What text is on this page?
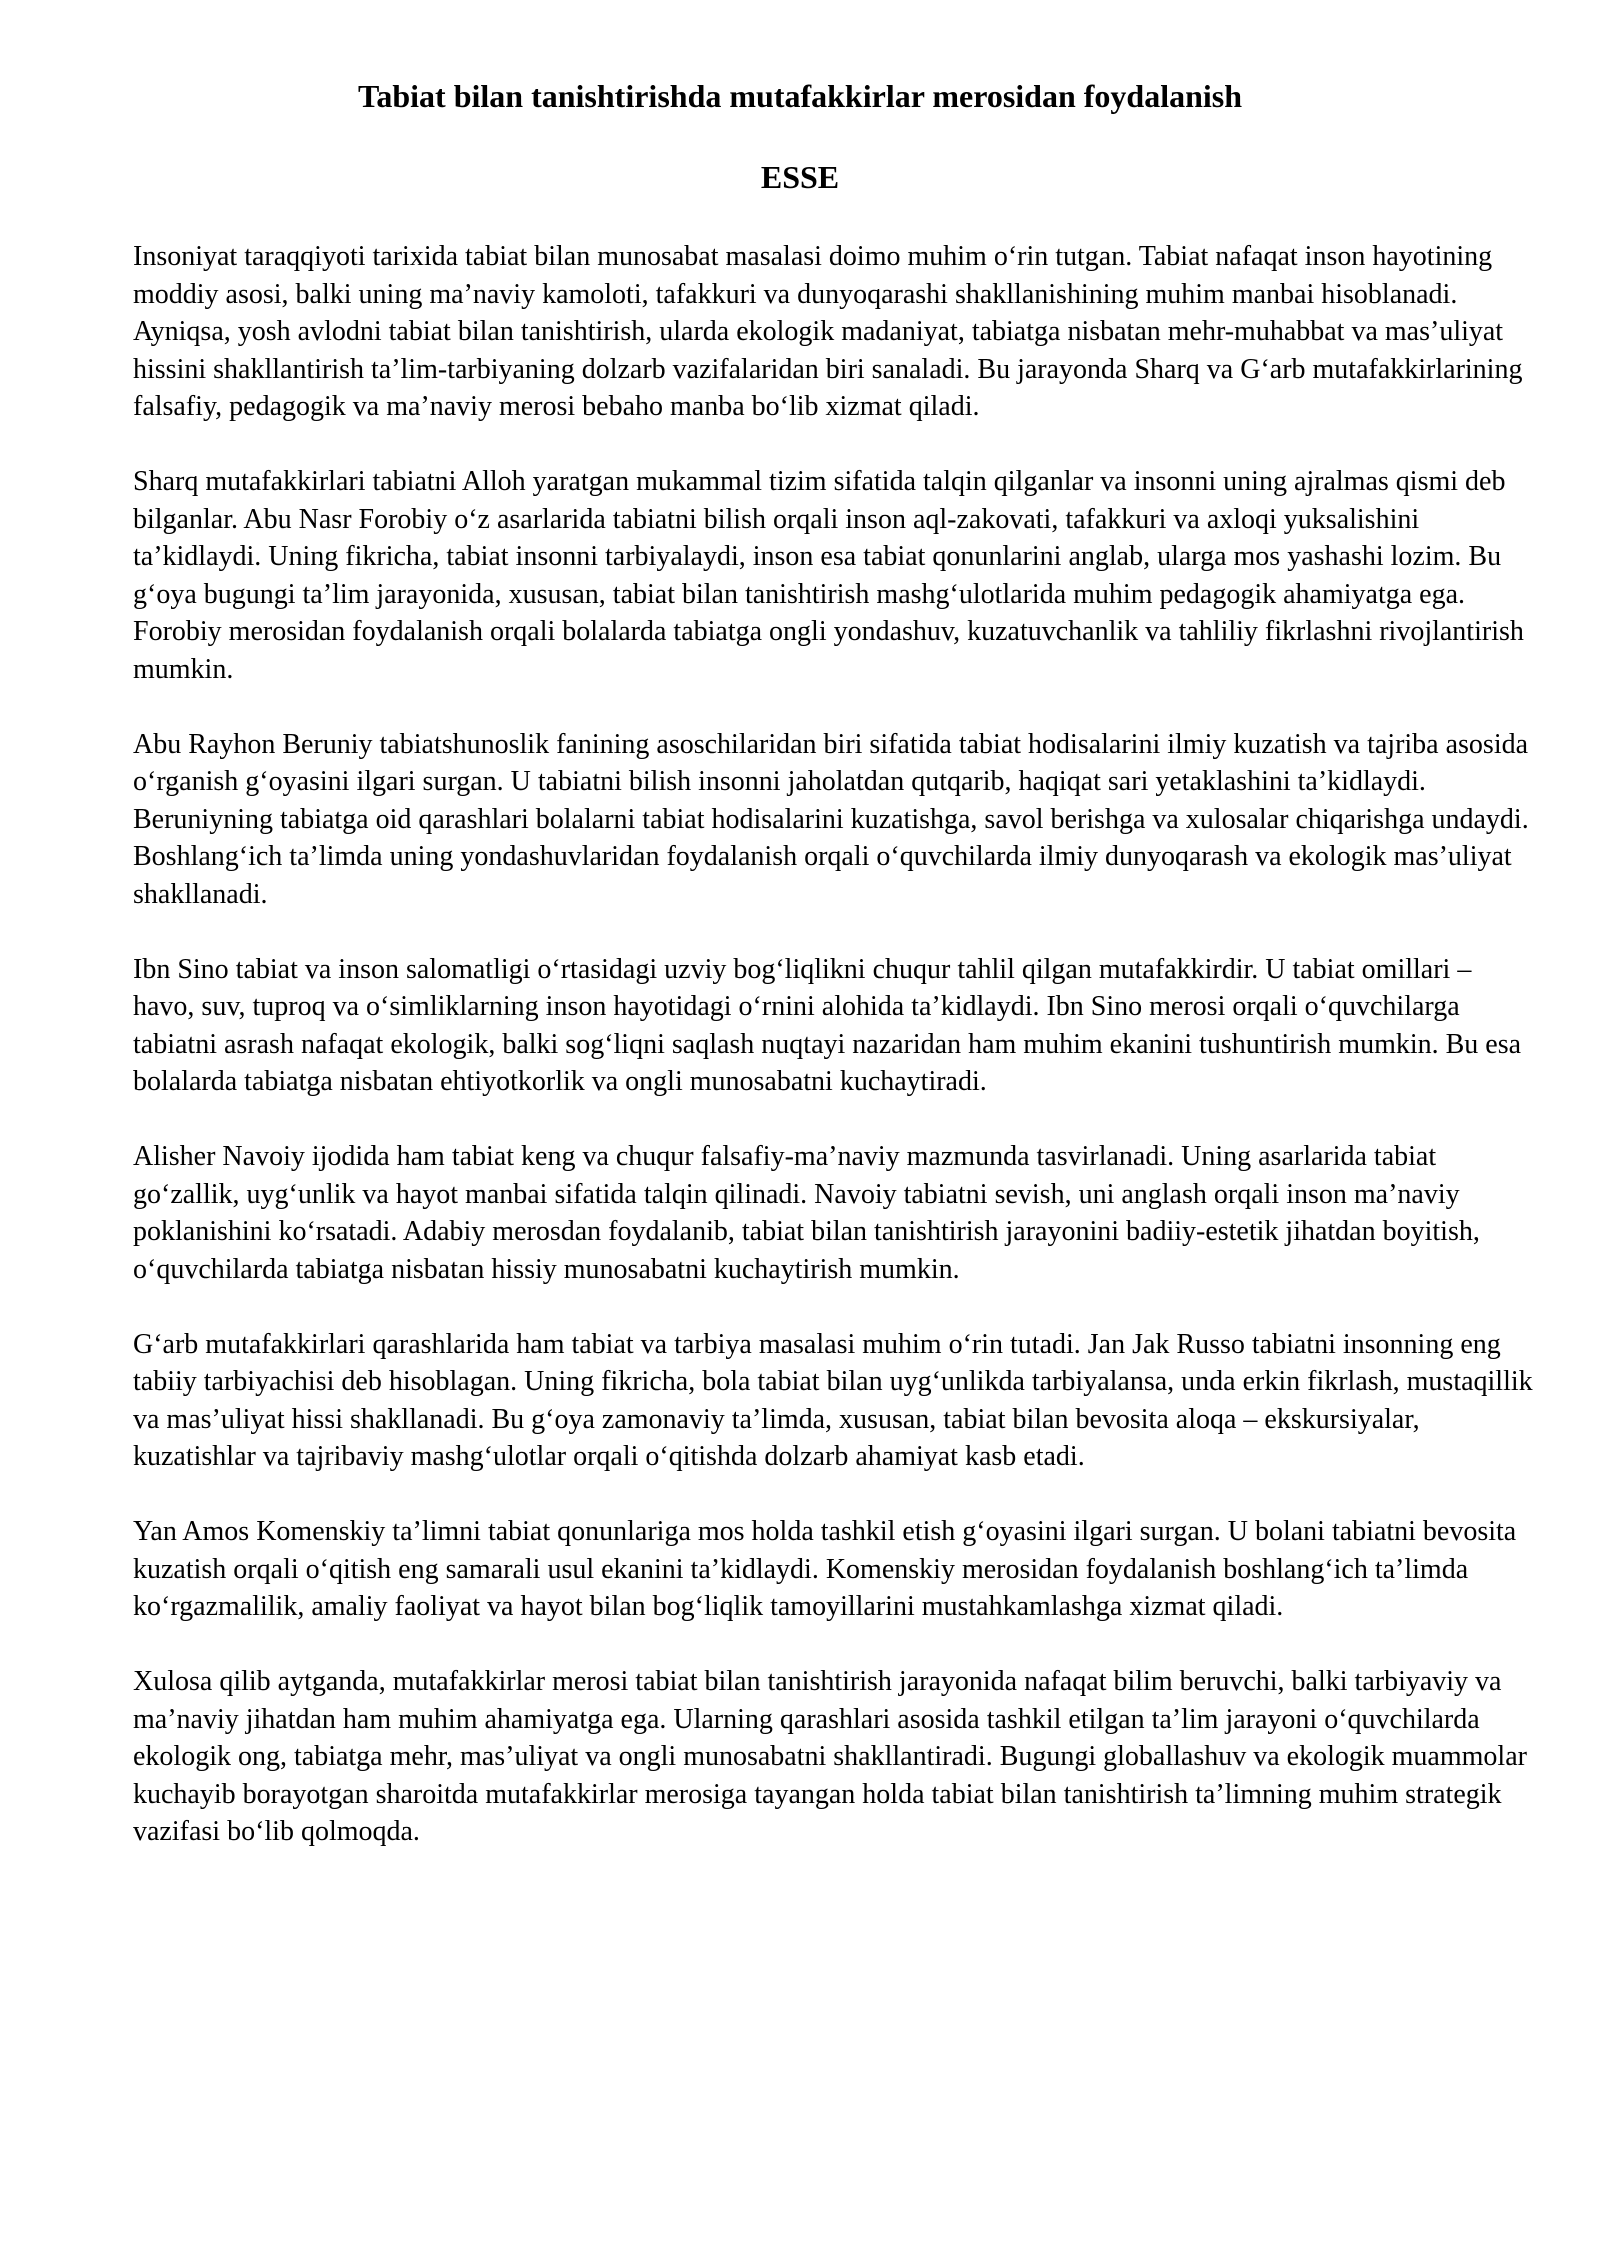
Tabiat bilan tanishtirishda mutafakkirlar merosidan foydalanish
ESSE

Insoniyat taraqqiyoti tarixida tabiat bilan munosabat masalasi doimo muhim oʻrin tutgan. Tabiat nafaqat inson hayotining moddiy asosi, balki uning maʼnaviy kamoloti, tafakkuri va dunyoqarashi shakllanishining muhim manbai hisoblanadi. Ayniqsa, yosh avlodni tabiat bilan tanishtirish, ularda ekologik madaniyat, tabiatga nisbatan mehr-muhabbat va masʼuliyat hissini shakllantirish taʼlim-tarbiyaning dolzarb vazifalaridan biri sanaladi. Bu jarayonda Sharq va Gʻarb mutafakkirlarining falsafiy, pedagogik va maʼnaviy merosi bebaho manba boʻlib xizmat qiladi.

Sharq mutafakkirlari tabiatni Alloh yaratgan mukammal tizim sifatida talqin qilganlar va insonni uning ajralmas qismi deb bilganlar. Abu Nasr Forobiy oʻz asarlarida tabiatni bilish orqali inson aql-zakovati, tafakkuri va axloqi yuksalishini taʼkidlaydi. Uning fikricha, tabiat insonni tarbiyalaydi, inson esa tabiat qonunlarini anglab, ularga mos yashashi lozim. Bu gʻoya bugungi taʼlim jarayonida, xususan, tabiat bilan tanishtirish mashgʻulotlarida muhim pedagogik ahamiyatga ega. Forobiy merosidan foydalanish orqali bolalarda tabiatga ongli yondashuv, kuzatuvchanlik va tahliliy fikrlashni rivojlantirish mumkin.

Abu Rayhon Beruniy tabiatshunoslik fanining asoschilaridan biri sifatida tabiat hodisalarini ilmiy kuzatish va tajriba asosida oʻrganish gʻoyasini ilgari surgan. U tabiatni bilish insonni jaholatdan qutqarib, haqiqat sari yetaklashini taʼkidlaydi. Beruniyning tabiatga oid qarashlari bolalarni tabiat hodisalarini kuzatishga, savol berishga va xulosalar chiqarishga undaydi. Boshlangʻich taʼlimda uning yondashuvlaridan foydalanish orqali oʻquvchilarda ilmiy dunyoqarash va ekologik masʼuliyat shakllanadi.

Ibn Sino tabiat va inson salomatligi oʻrtasidagi uzviy bogʻliqlikni chuqur tahlil qilgan mutafakkirdir. U tabiat omillari – havo, suv, tuproq va oʻsimliklarning inson hayotidagi oʻrnini alohida taʼkidlaydi. Ibn Sino merosi orqali oʻquvchilarga tabiatni asrash nafaqat ekologik, balki sogʻliqni saqlash nuqtayi nazaridan ham muhim ekanini tushuntirish mumkin. Bu esa bolalarda tabiatga nisbatan ehtiyotkorlik va ongli munosabatni kuchaytiradi.

Alisher Navoiy ijodida ham tabiat keng va chuqur falsafiy-maʼnaviy mazmunda tasvirlanadi. Uning asarlarida tabiat goʻzallik, uygʻunlik va hayot manbai sifatida talqin qilinadi. Navoiy tabiatni sevish, uni anglash orqali inson maʼnaviy poklanishini koʻrsatadi. Adabiy merosdan foydalanib, tabiat bilan tanishtirish jarayonini badiiy-estetik jihatdan boyitish, oʻquvchilarda tabiatga nisbatan hissiy munosabatni kuchaytirish mumkin.

Gʻarb mutafakkirlari qarashlarida ham tabiat va tarbiya masalasi muhim oʻrin tutadi. Jan Jak Russo tabiatni insonning eng tabiiy tarbiyachisi deb hisoblagan. Uning fikricha, bola tabiat bilan uygʻunlikda tarbiyalansa, unda erkin fikrlash, mustaqillik va masʼuliyat hissi shakllanadi. Bu gʻoya zamonaviy taʼlimda, xususan, tabiat bilan bevosita aloqa – ekskursiyalar, kuzatishlar va tajribaviy mashgʻulotlar orqali oʻqitishda dolzarb ahamiyat kasb etadi.

Yan Amos Komenskiy taʼlimni tabiat qonunlariga mos holda tashkil etish gʻoyasini ilgari surgan. U bolani tabiatni bevosita kuzatish orqali oʻqitish eng samarali usul ekanini taʼkidlaydi. Komenskiy merosidan foydalanish boshlangʻich taʼlimda koʻrgazmalilik, amaliy faoliyat va hayot bilan bogʻliqlik tamoyillarini mustahkamlashga xizmat qiladi.

Xulosa qilib aytganda, mutafakkirlar merosi tabiat bilan tanishtirish jarayonida nafaqat bilim beruvchi, balki tarbiyaviy va maʼnaviy jihatdan ham muhim ahamiyatga ega. Ularning qarashlari asosida tashkil etilgan taʼlim jarayoni oʻquvchilarda ekologik ong, tabiatga mehr, masʼuliyat va ongli munosabatni shakllantiradi. Bugungi globallashuv va ekologik muammolar kuchayib borayotgan sharoitda mutafakkirlar merosiga tayangan holda tabiat bilan tanishtirish taʼlimning muhim strategik vazifasi boʻlib qolmoqda.
